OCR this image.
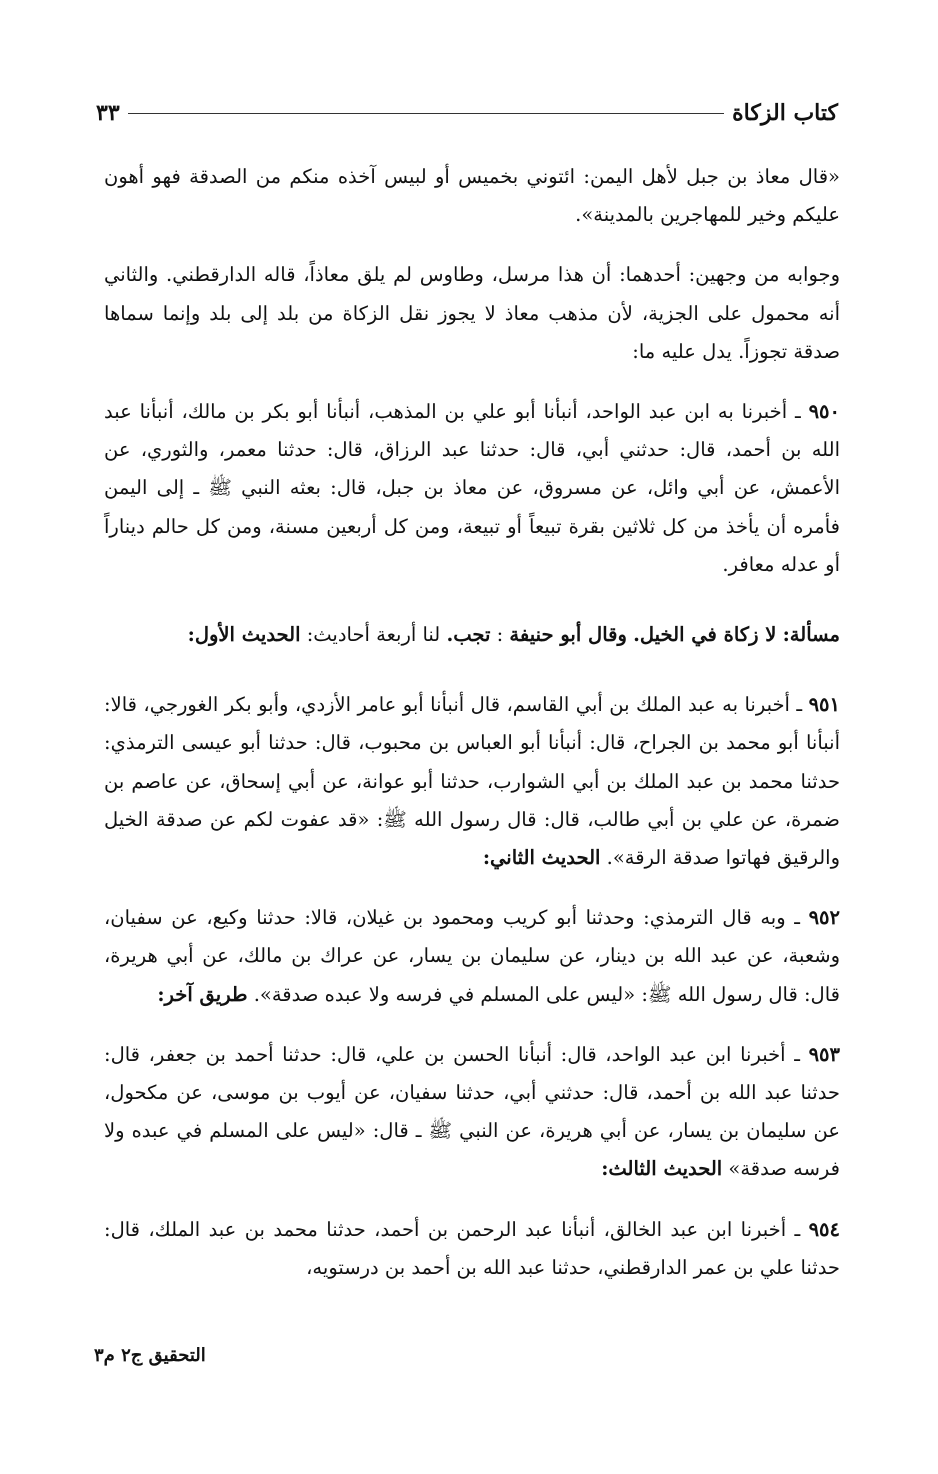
٣٣	كتاب الزكاة

«قال معاذ بن جبل لأهل اليمن: ائتوني بخميس أو لبيس آخذه منكم من الصدقة فهو أهون عليكم وخير للمهاجرين بالمدينة».

وجوابه من وجهين: أحدهما: أن هذا مرسل، وطاوس لم يلق معاذاً، قاله الدارقطني. والثاني أنه محمول على الجزية، لأن مذهب معاذ لا يجوز نقل الزكاة من بلد إلى بلد وإنما سماها صدقة تجوزاً. يدل عليه ما:

٩٥٠ ـ أخبرنا به ابن عبد الواحد، أنبأنا أبو علي بن المذهب، أنبأنا أبو بكر بن مالك، أنبأنا عبد الله بن أحمد، قال: حدثني أبي، قال: حدثنا عبد الرزاق، قال: حدثنا معمر، والثوري، عن الأعمش، عن أبي وائل، عن مسروق، عن معاذ بن جبل، قال: بعثه النبي ﷺ ـ إلى اليمن فأمره أن يأخذ من كل ثلاثين بقرة تبيعاً أو تبيعة، ومن كل أربعين مسنة، ومن كل حالم ديناراً أو عدله معافر.

مسألة: لا زكاة في الخيل. وقال أبو حنيفة : تجب. لنا أربعة أحاديث: الحديث الأول:

٩٥١ ـ أخبرنا به عبد الملك بن أبي القاسم، قال أنبأنا أبو عامر الأزدي، وأبو بكر الغورجي، قالا: أنبأنا أبو محمد بن الجراح، قال: أنبأنا أبو العباس بن محبوب، قال: حدثنا أبو عيسى الترمذي: حدثنا محمد بن عبد الملك بن أبي الشوارب، حدثنا أبو عوانة، عن أبي إسحاق، عن عاصم بن ضمرة، عن علي بن أبي طالب، قال: قال رسول الله ﷺ: «قد عفوت لكم عن صدقة الخيل والرقيق فهاتوا صدقة الرقة». الحديث الثاني:

٩٥٢ ـ وبه قال الترمذي: وحدثنا أبو كريب ومحمود بن غيلان، قالا: حدثنا وكيع، عن سفيان، وشعبة، عن عبد الله بن دينار، عن سليمان بن يسار، عن عراك بن مالك، عن أبي هريرة، قال: قال رسول الله ﷺ: «ليس على المسلم في فرسه ولا عبده صدقة». طريق آخر:

٩٥٣ ـ أخبرنا ابن عبد الواحد، قال: أنبأنا الحسن بن علي، قال: حدثنا أحمد بن جعفر، قال: حدثنا عبد الله بن أحمد، قال: حدثني أبي، حدثنا سفيان، عن أيوب بن موسى، عن مكحول، عن سليمان بن يسار، عن أبي هريرة، عن النبي ﷺ ـ قال: «ليس على المسلم في عبده ولا فرسه صدقة» الحديث الثالث:

٩٥٤ ـ أخبرنا ابن عبد الخالق، أنبأنا عبد الرحمن بن أحمد، حدثنا محمد بن عبد الملك، قال: حدثنا علي بن عمر الدارقطني، حدثنا عبد الله بن أحمد بن درستويه،

التحقيق ج٢ م٣
